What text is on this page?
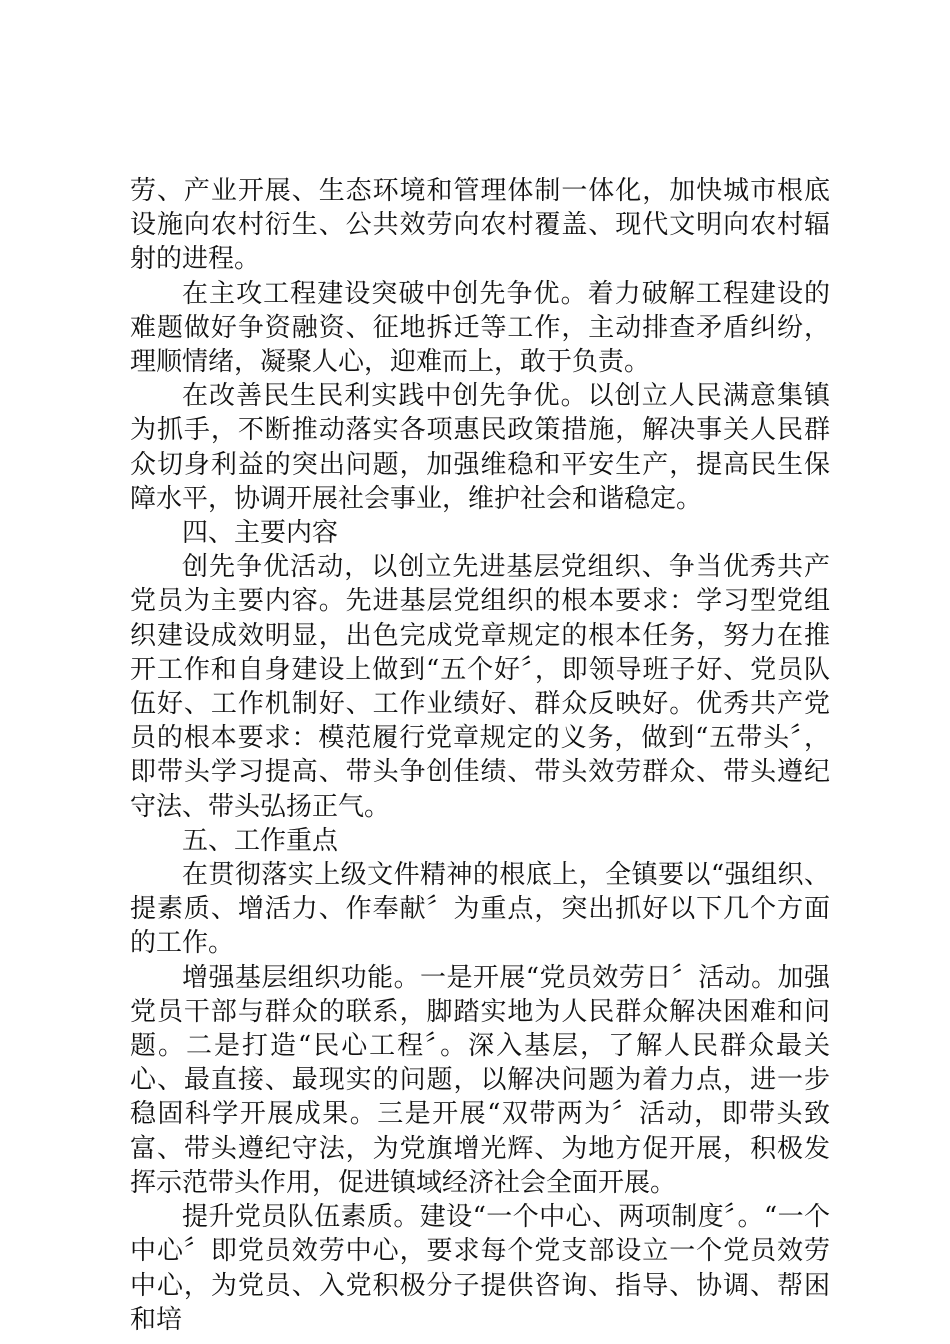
劳、产业开展、生态环境和管理体制一体化，加快城市根底设施向农村衍生、公共效劳向农村覆盖、现代文明向农村辐射的进程。

在主攻工程建设突破中创先争优。着力破解工程建设的难题做好争资融资、征地拆迁等工作，主动排查矛盾纠纷，理顺情绪，凝聚人心，迎难而上，敢于负责。

在改善民生民利实践中创先争优。以创立人民满意集镇为抓手，不断推动落实各项惠民政策措施，解决事关人民群众切身利益的突出问题，加强维稳和平安生产，提高民生保障水平，协调开展社会事业，维护社会和谐稳定。

四、主要内容

创先争优活动，以创立先进基层党组织、争当优秀共产党员为主要内容。先进基层党组织的根本要求：学习型党组织建设成效明显，出色完成党章规定的根本任务，努力在推开工作和自身建设上做到“五个好〞，即领导班子好、党员队伍好、工作机制好、工作业绩好、群众反映好。优秀共产党员的根本要求：模范履行党章规定的义务，做到“五带头〞，即带头学习提高、带头争创佳绩、带头效劳群众、带头遵纪守法、带头弘扬正气。

五、工作重点

在贯彻落实上级文件精神的根底上，全镇要以“强组织、提素质、增活力、作奉献〞为重点，突出抓好以下几个方面的工作。

增强基层组织功能。一是开展“党员效劳日〞活动。加强党员干部与群众的联系，脚踏实地为人民群众解决困难和问题。二是打造“民心工程〞。深入基层，了解人民群众最关心、最直接、最现实的问题，以解决问题为着力点，进一步稳固科学开展成果。三是开展“双带两为〞活动，即带头致富、带头遵纪守法，为党旗增光辉、为地方促开展，积极发挥示范带头作用，促进镇域经济社会全面开展。

提升党员队伍素质。建设“一个中心、两项制度〞。“一个中心〞即党员效劳中心，要求每个党支部设立一个党员效劳中心，为党员、入党积极分子提供咨询、指导、协调、帮困和培
